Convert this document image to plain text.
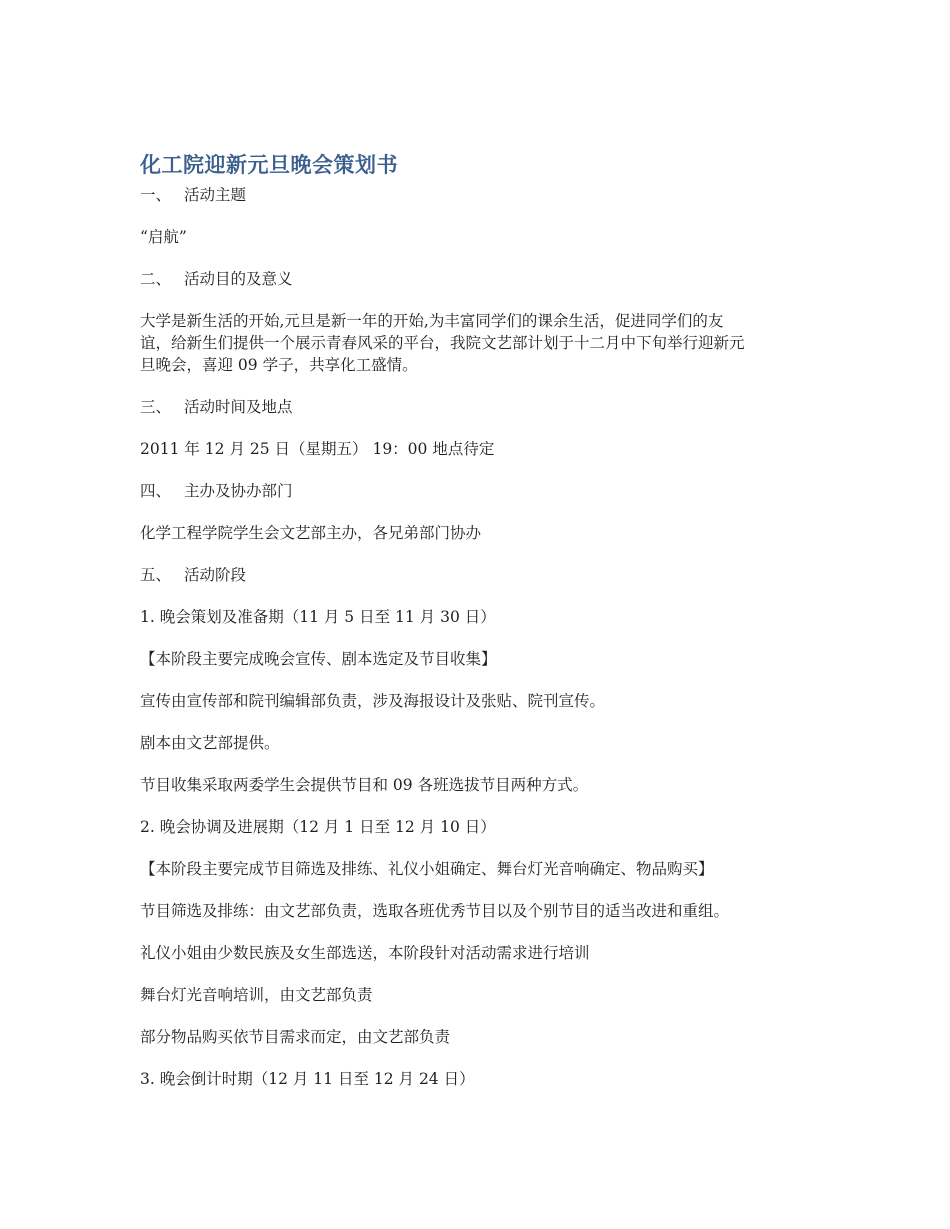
化工院迎新元旦晚会策划书
一、 活动主题
“启航”
二、 活动目的及意义
大学是新生活的开始,元旦是新一年的开始,为丰富同学们的课余生活，促进同学们的友
谊，给新生们提供一个展示青春风采的平台，我院文艺部计划于十二月中下旬举行迎新元
旦晚会，喜迎 09 学子，共享化工盛情。
三、 活动时间及地点
2011 年 12 月 25 日（星期五） 19：00 地点待定
四、 主办及协办部门
化学工程学院学生会文艺部主办，各兄弟部门协办
五、 活动阶段
1. 晚会策划及准备期（11 月 5 日至 11 月 30 日）
【本阶段主要完成晚会宣传、剧本选定及节目收集】
宣传由宣传部和院刊编辑部负责，涉及海报设计及张贴、院刊宣传。
剧本由文艺部提供。
节目收集采取两委学生会提供节目和 09 各班选拔节目两种方式。
2. 晚会协调及进展期（12 月 1 日至 12 月 10 日）
【本阶段主要完成节目筛选及排练、礼仪小姐确定、舞台灯光音响确定、物品购买】
节目筛选及排练：由文艺部负责，选取各班优秀节目以及个别节目的适当改进和重组。
礼仪小姐由少数民族及女生部选送，本阶段针对活动需求进行培训
舞台灯光音响培训，由文艺部负责
部分物品购买依节目需求而定，由文艺部负责
3. 晚会倒计时期（12 月 11 日至 12 月 24 日）
